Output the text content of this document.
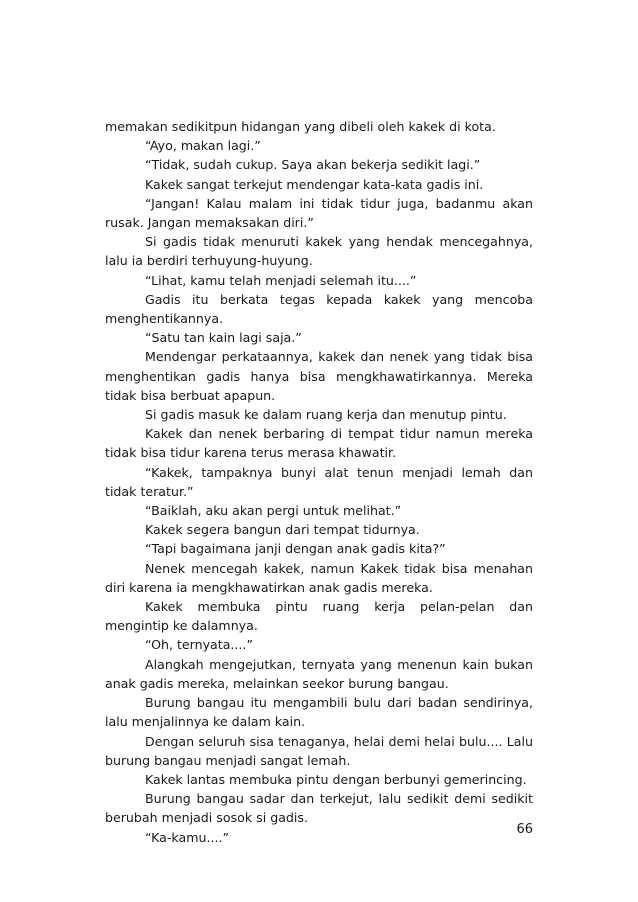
memakan sedikitpun hidangan yang dibeli oleh kakek di kota.

“Ayo, makan lagi.”

“Tidak, sudah cukup. Saya akan bekerja sedikit lagi.”

Kakek sangat terkejut mendengar kata-kata gadis ini.

“Jangan! Kalau malam ini tidak tidur juga, badanmu akan rusak. Jangan memaksakan diri.”

Si gadis tidak menuruti kakek yang hendak mencegahnya, lalu ia berdiri terhuyung-huyung.

“Lihat, kamu telah menjadi selemah itu....”

Gadis itu berkata tegas kepada kakek yang mencoba menghentikannya.

“Satu tan kain lagi saja.”

Mendengar perkataannya, kakek dan nenek yang tidak bisa menghentikan gadis hanya bisa mengkhawatirkannya. Mereka tidak bisa berbuat apapun.

Si gadis masuk ke dalam ruang kerja dan menutup pintu.

Kakek dan nenek berbaring di tempat tidur namun mereka tidak bisa tidur karena terus merasa khawatir.

“Kakek, tampaknya bunyi alat tenun menjadi lemah dan tidak teratur.”

“Baiklah, aku akan pergi untuk melihat.”

Kakek segera bangun dari tempat tidurnya.

“Tapi bagaimana janji dengan anak gadis kita?”

Nenek mencegah kakek, namun Kakek tidak bisa menahan diri karena ia mengkhawatirkan anak gadis mereka.

Kakek membuka pintu ruang kerja pelan-pelan dan mengintip ke dalamnya.

“Oh, ternyata....”

Alangkah mengejutkan, ternyata yang menenun kain bukan anak gadis mereka, melainkan seekor burung bangau.

Burung bangau itu mengambili bulu dari badan sendirinya, lalu menjalinnya ke dalam kain.

Dengan seluruh sisa tenaganya, helai demi helai bulu.... Lalu burung bangau menjadi sangat lemah.

Kakek lantas membuka pintu dengan berbunyi gemerincing.

Burung bangau sadar dan terkejut, lalu sedikit demi sedikit berubah menjadi sosok si gadis.

“Ka-kamu....”

66
